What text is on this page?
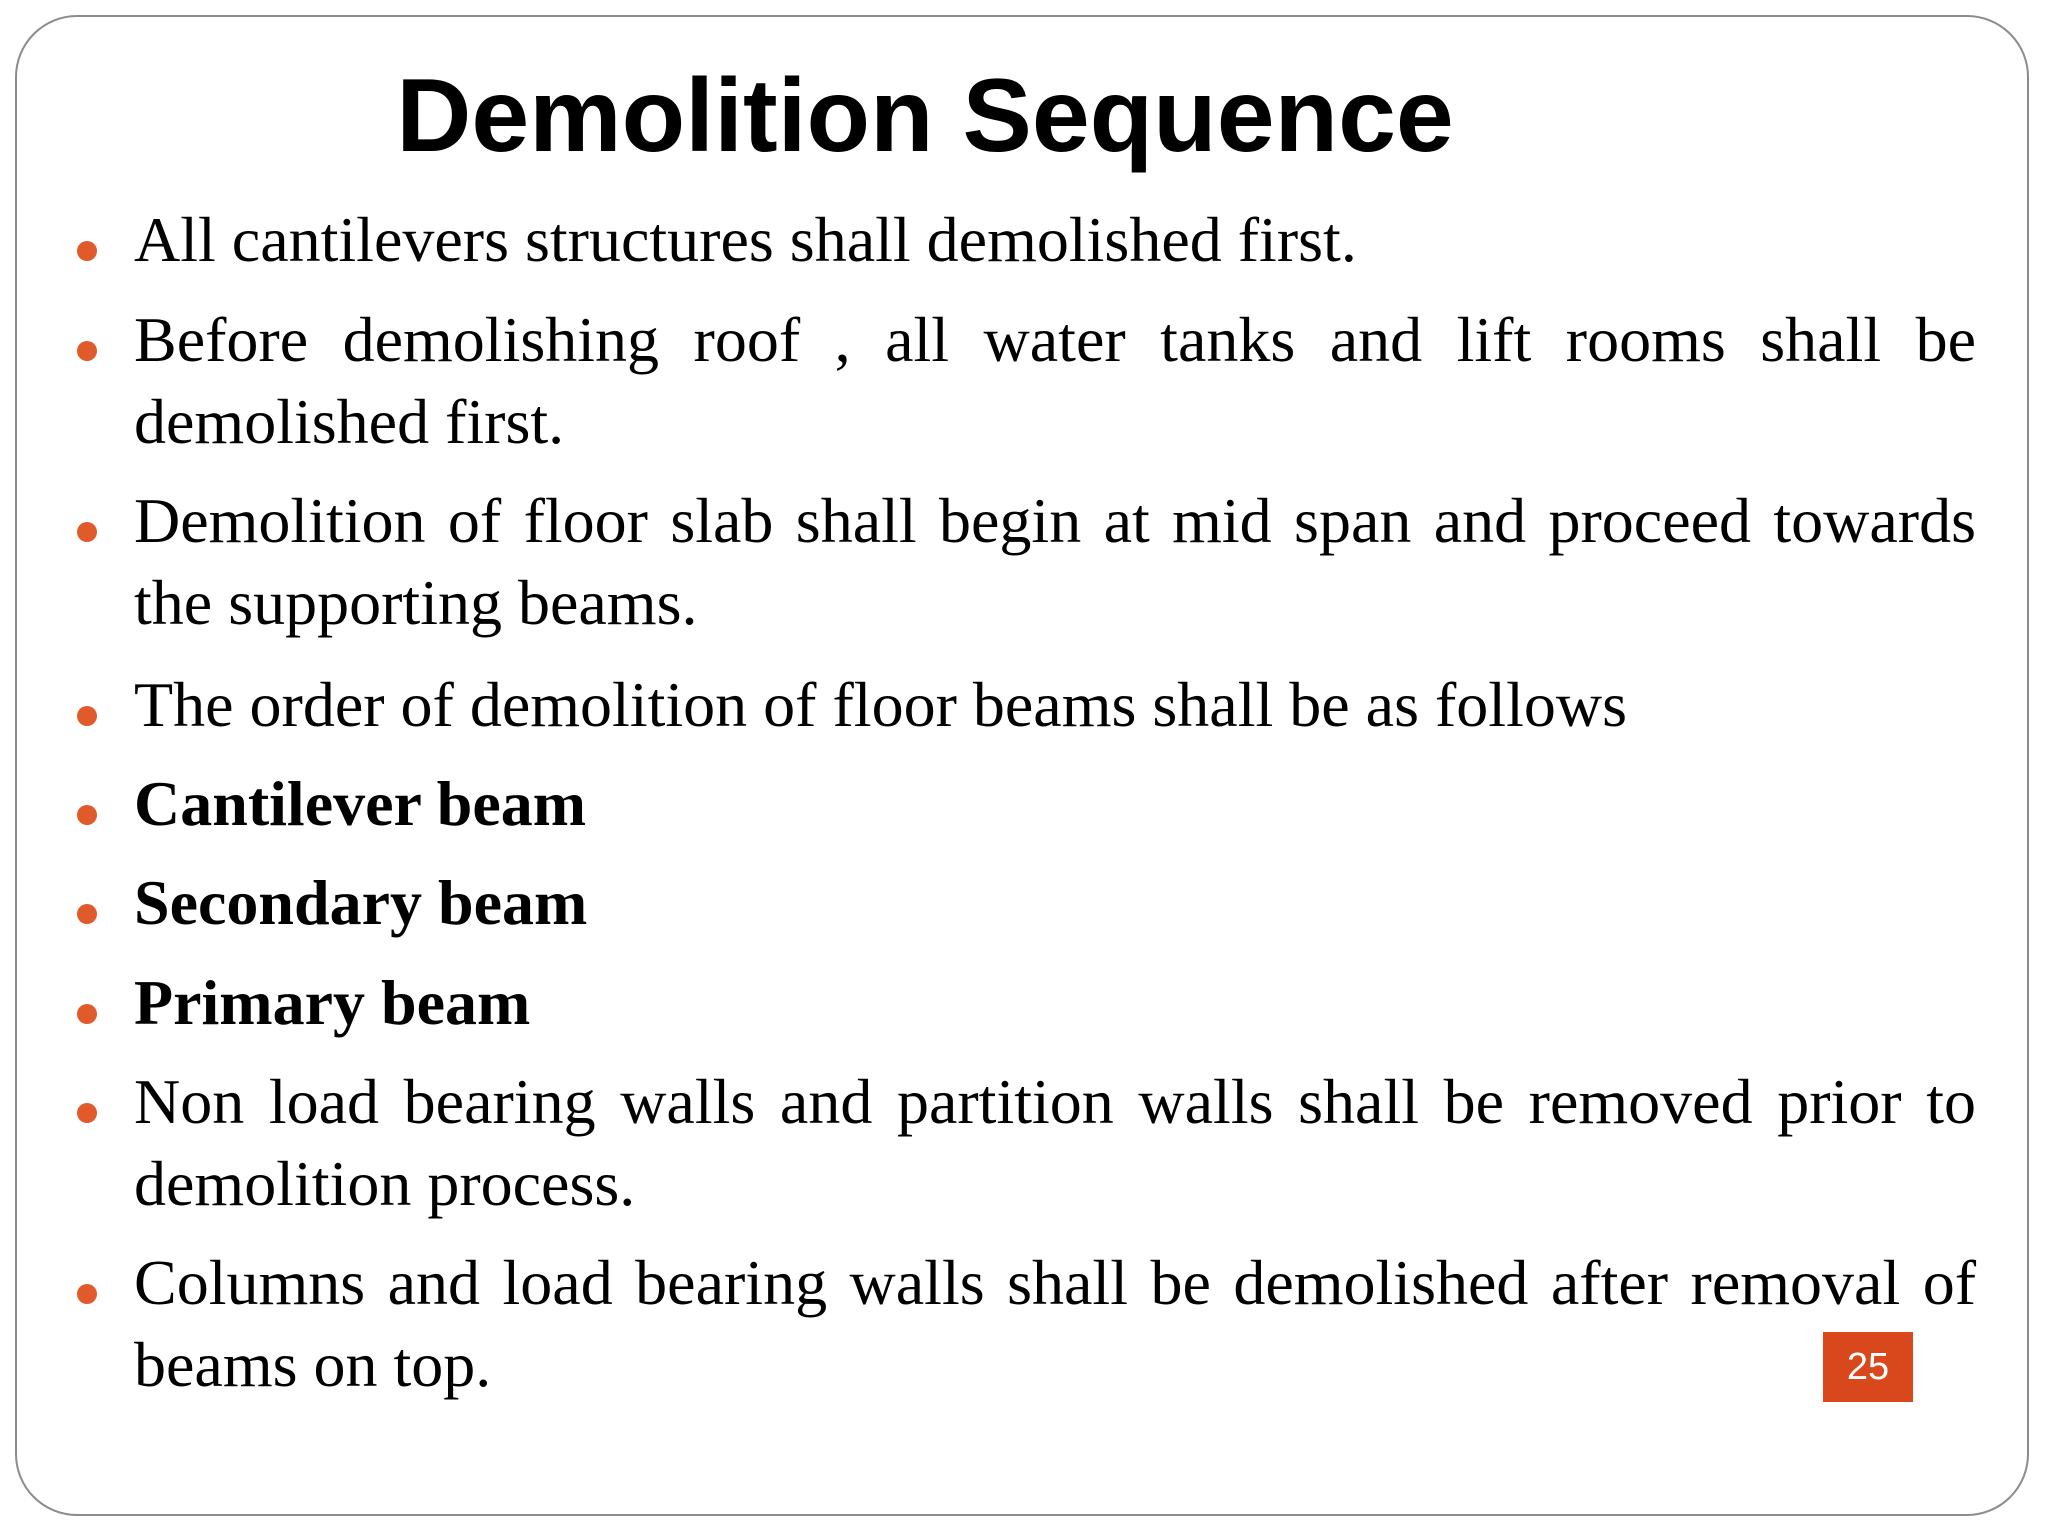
Demolition Sequence
All cantilevers structures shall demolished first.
Before demolishing roof , all water tanks and lift rooms shall be demolished first.
Demolition of floor slab shall begin at mid span and proceed towards the supporting beams.
The order of demolition of floor beams shall be as follows
Cantilever beam
Secondary beam
Primary beam
Non load bearing walls and partition walls shall be removed prior to demolition process.
Columns and load bearing walls shall be demolished after removal of beams on top.	25
